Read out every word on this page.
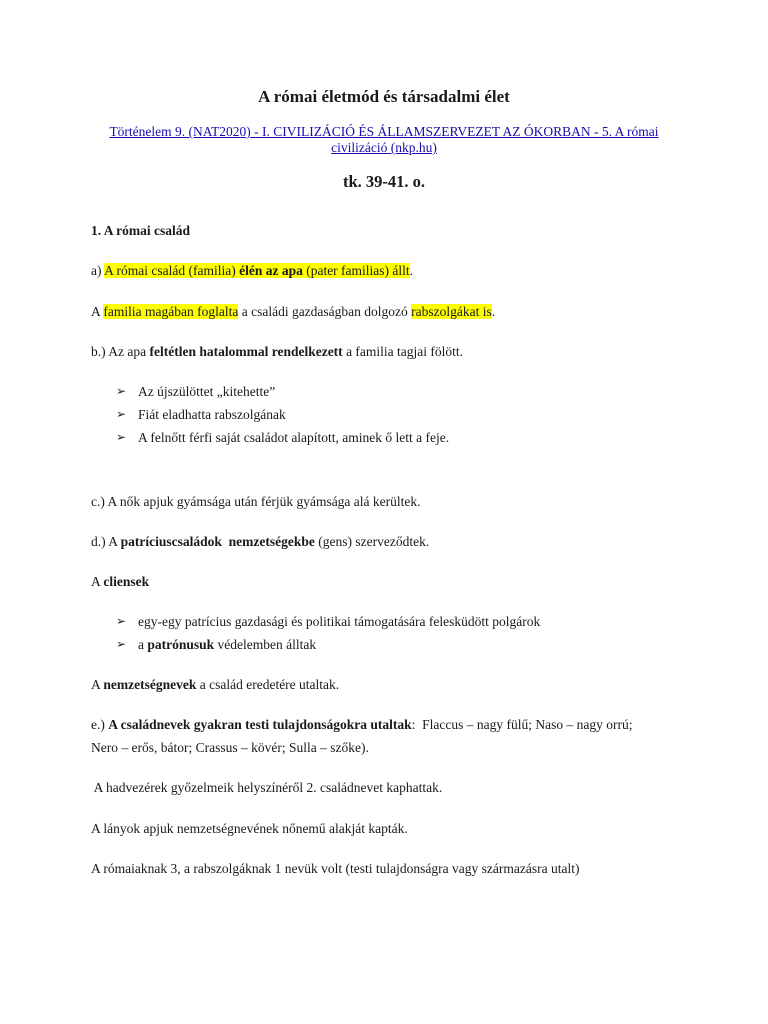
A római életmód és társadalmi élet
Történelem 9. (NAT2020) - I. CIVILIZÁCIÓ ÉS ÁLLAMSZERVEZET AZ ÓKORBAN - 5. A római civilizáció (nkp.hu)
tk. 39-41. o.
1. A római család
a) A római család (familia) élén az apa (pater familias) állt.
A familia magában foglalta a családi gazdaságban dolgozó rabszolgákat is.
b.) Az apa feltétlen hatalommal rendelkezett a familia tagjai fölött.
➢ Az újszülöttet „kitehette”
➢ Fiát eladhatta rabszolgának
➢ A felnőtt férfi saját családot alapított, aminek ő lett a feje.
c.) A nők apjuk gyámsága után férjük gyámsága alá kerültek.
d.) A patríciuscsaládok  nemzetségekbe (gens) szerveződtek.
A cliensek
➢ egy-egy patrícius gazdasági és politikai támogatására felesküdött polgárok
➢ a patrónusuk védelemben álltak
A nemzetségnevek a család eredetére utaltak.
e.) A családnevek gyakran testi tulajdonságokra utaltak:  Flaccus – nagy fülű; Naso – nagy orrú;
Nero – erős, bátor; Crassus – kövér; Sulla – szőke).
A hadvezérek győzelmeik helyszínéről 2. családnevet kaphattak.
A lányok apjuk nemzetségnevének nőnemű alakját kapták.
A rómaiaknak 3, a rabszolgáknak 1 nevük volt (testi tulajdonságra vagy származásra utalt)
